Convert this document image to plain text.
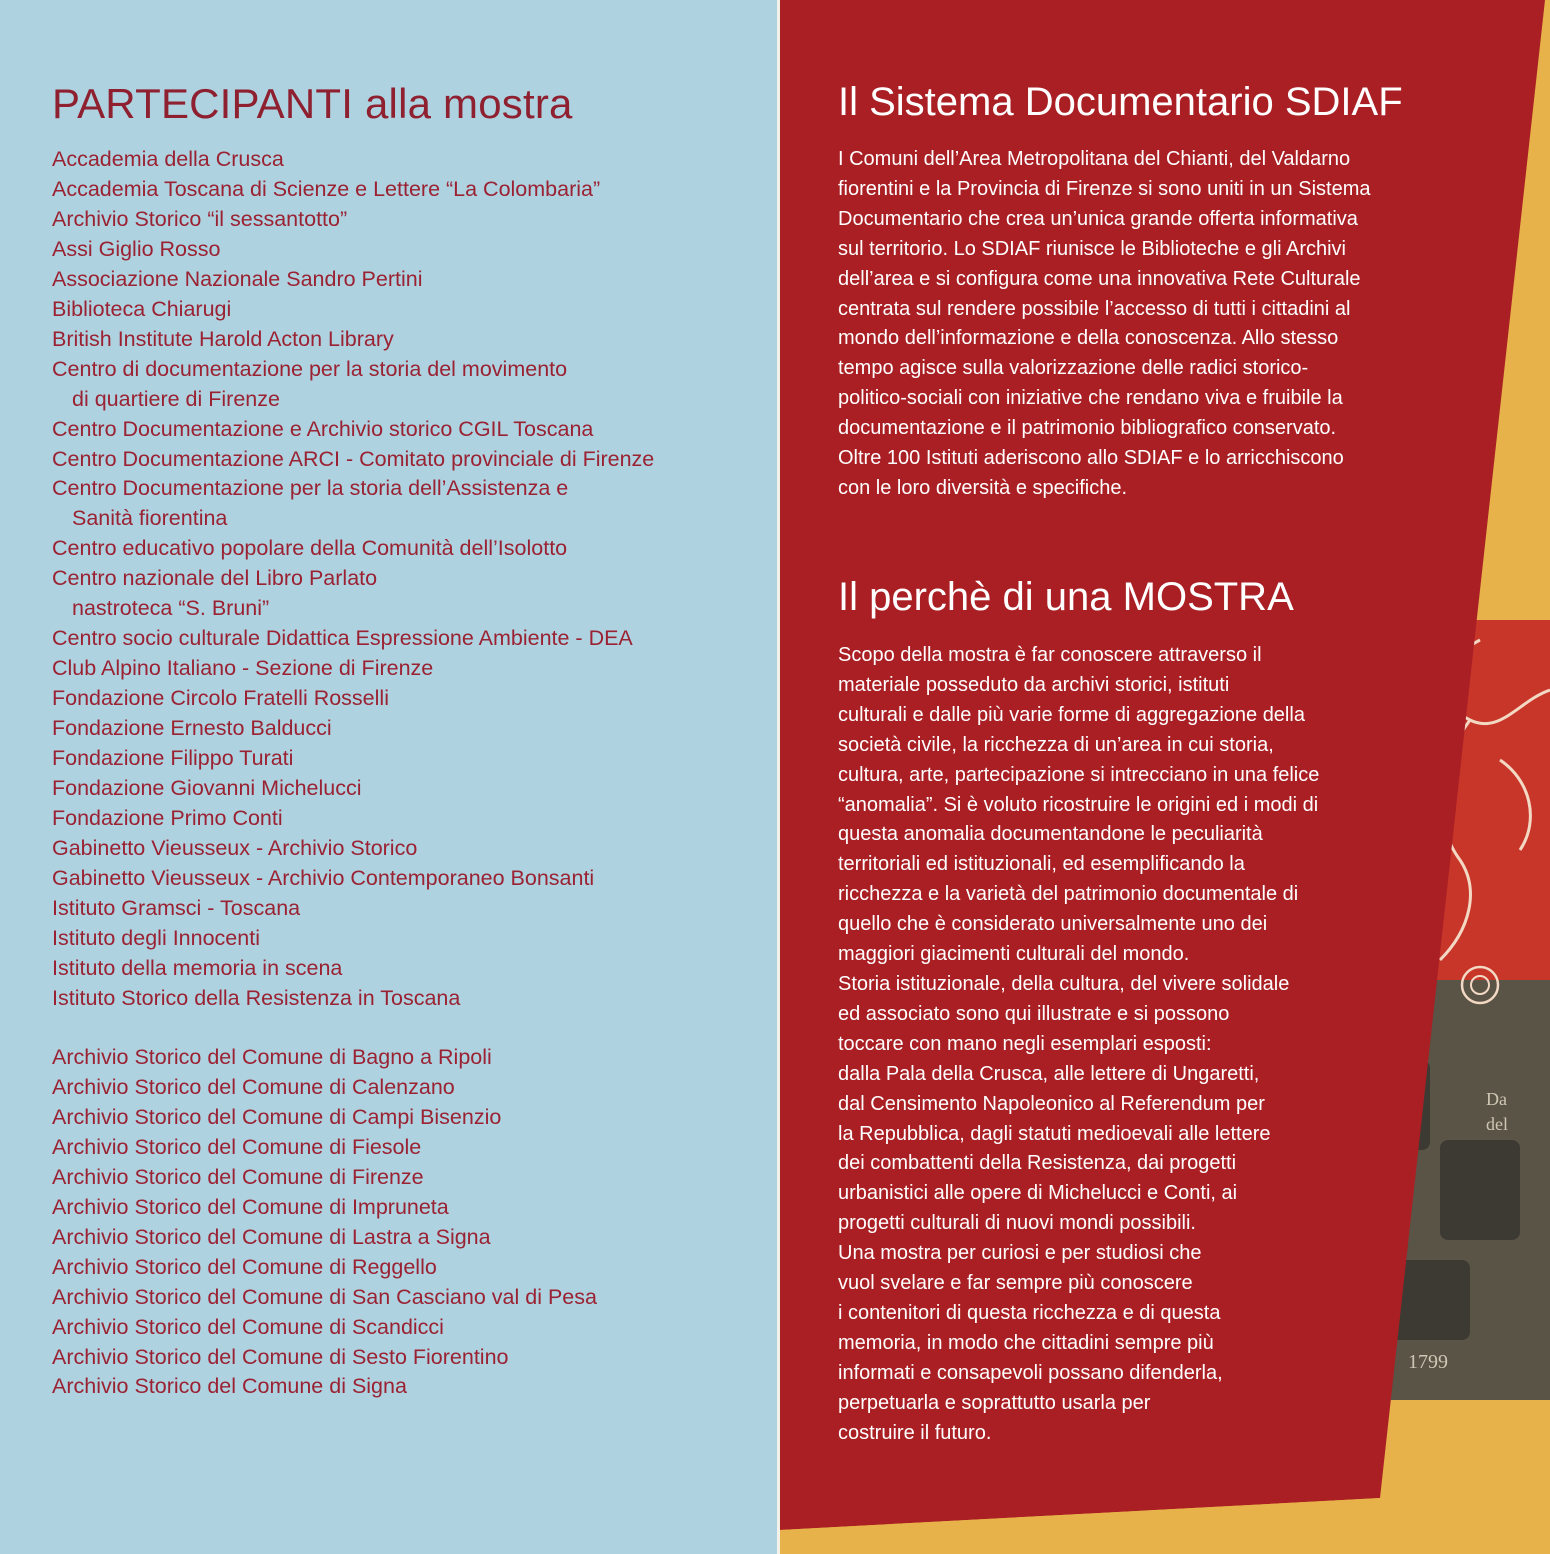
PARTECIPANTI alla mostra
Accademia della Crusca
Accademia Toscana di Scienze e Lettere “La Colombaria”
Archivio Storico “il sessantotto”
Assi Giglio Rosso
Associazione Nazionale Sandro Pertini
Biblioteca Chiarugi
British Institute Harold Acton Library
Centro di documentazione per la storia del movimento
di quartiere di Firenze
Centro Documentazione e Archivio storico CGIL Toscana
Centro Documentazione ARCI - Comitato provinciale di Firenze
Centro Documentazione per la storia dell’Assistenza e
Sanità fiorentina
Centro educativo popolare della Comunità dell’Isolotto
Centro nazionale del Libro Parlato
nastroteca “S. Bruni”
Centro socio culturale Didattica Espressione Ambiente - DEA
Club Alpino Italiano - Sezione di Firenze
Fondazione Circolo Fratelli Rosselli
Fondazione Ernesto Balducci
Fondazione Filippo Turati
Fondazione Giovanni Michelucci
Fondazione Primo Conti
Gabinetto Vieusseux - Archivio Storico
Gabinetto Vieusseux - Archivio Contemporaneo Bonsanti
Istituto Gramsci - Toscana
Istituto degli Innocenti
Istituto della memoria in scena
Istituto Storico della Resistenza in Toscana
Archivio Storico del Comune di Bagno a Ripoli
Archivio Storico del Comune di Calenzano
Archivio Storico del Comune di Campi Bisenzio
Archivio Storico del Comune di Fiesole
Archivio Storico del Comune di Firenze
Archivio Storico del Comune di Impruneta
Archivio Storico del Comune di Lastra a Signa
Archivio Storico del Comune di Reggello
Archivio Storico del Comune di San Casciano val di Pesa
Archivio Storico del Comune di Scandicci
Archivio Storico del Comune di Sesto Fiorentino
Archivio Storico del Comune di Signa
Da
del
1799
Il Sistema Documentario SDIAF

I Comuni dell’Area Metropolitana del Chianti, del Valdarno
fiorentini e la Provincia di Firenze si sono uniti in un Sistema
Documentario che crea un’unica grande offerta informativa
sul territorio. Lo SDIAF riunisce le Biblioteche e gli Archivi
dell’area e si configura come una innovativa Rete Culturale
centrata sul rendere possibile l’accesso di tutti i cittadini al
mondo dell’informazione e della conoscenza. Allo stesso
tempo agisce sulla valorizzazione delle radici storico-
politico-sociali con iniziative che rendano viva e fruibile la
documentazione e il patrimonio bibliografico conservato.
Oltre 100 Istituti aderiscono allo SDIAF e lo arricchiscono
con le loro diversità e specifiche.

Il perchè di una MOSTRA

Scopo della mostra è far conoscere attraverso il
materiale posseduto da archivi storici, istituti
culturali e dalle più varie forme di aggregazione della
società civile, la ricchezza di un’area in cui storia,
cultura, arte, partecipazione si intrecciano in una felice
“anomalia”. Si è voluto ricostruire le origini ed i modi di
questa anomalia documentandone le peculiarità
territoriali ed istituzionali, ed esemplificando la
ricchezza e la varietà del patrimonio documentale di
quello che è considerato universalmente uno dei
maggiori giacimenti culturali del mondo.
Storia istituzionale, della cultura, del vivere solidale
ed associato sono qui illustrate e si possono
toccare con mano negli esemplari esposti:
dalla Pala della Crusca, alle lettere di Ungaretti,
dal Censimento Napoleonico al Referendum per
la Repubblica, dagli statuti medioevali alle lettere
dei combattenti della Resistenza, dai progetti
urbanistici alle opere di Michelucci e Conti, ai
progetti culturali di nuovi mondi possibili.
Una mostra per curiosi e per studiosi che
vuol svelare e far sempre più conoscere
i contenitori di questa ricchezza e di questa
memoria, in modo che cittadini sempre più
informati e consapevoli possano difenderla,
perpetuarla e soprattutto usarla per
costruire il futuro.
